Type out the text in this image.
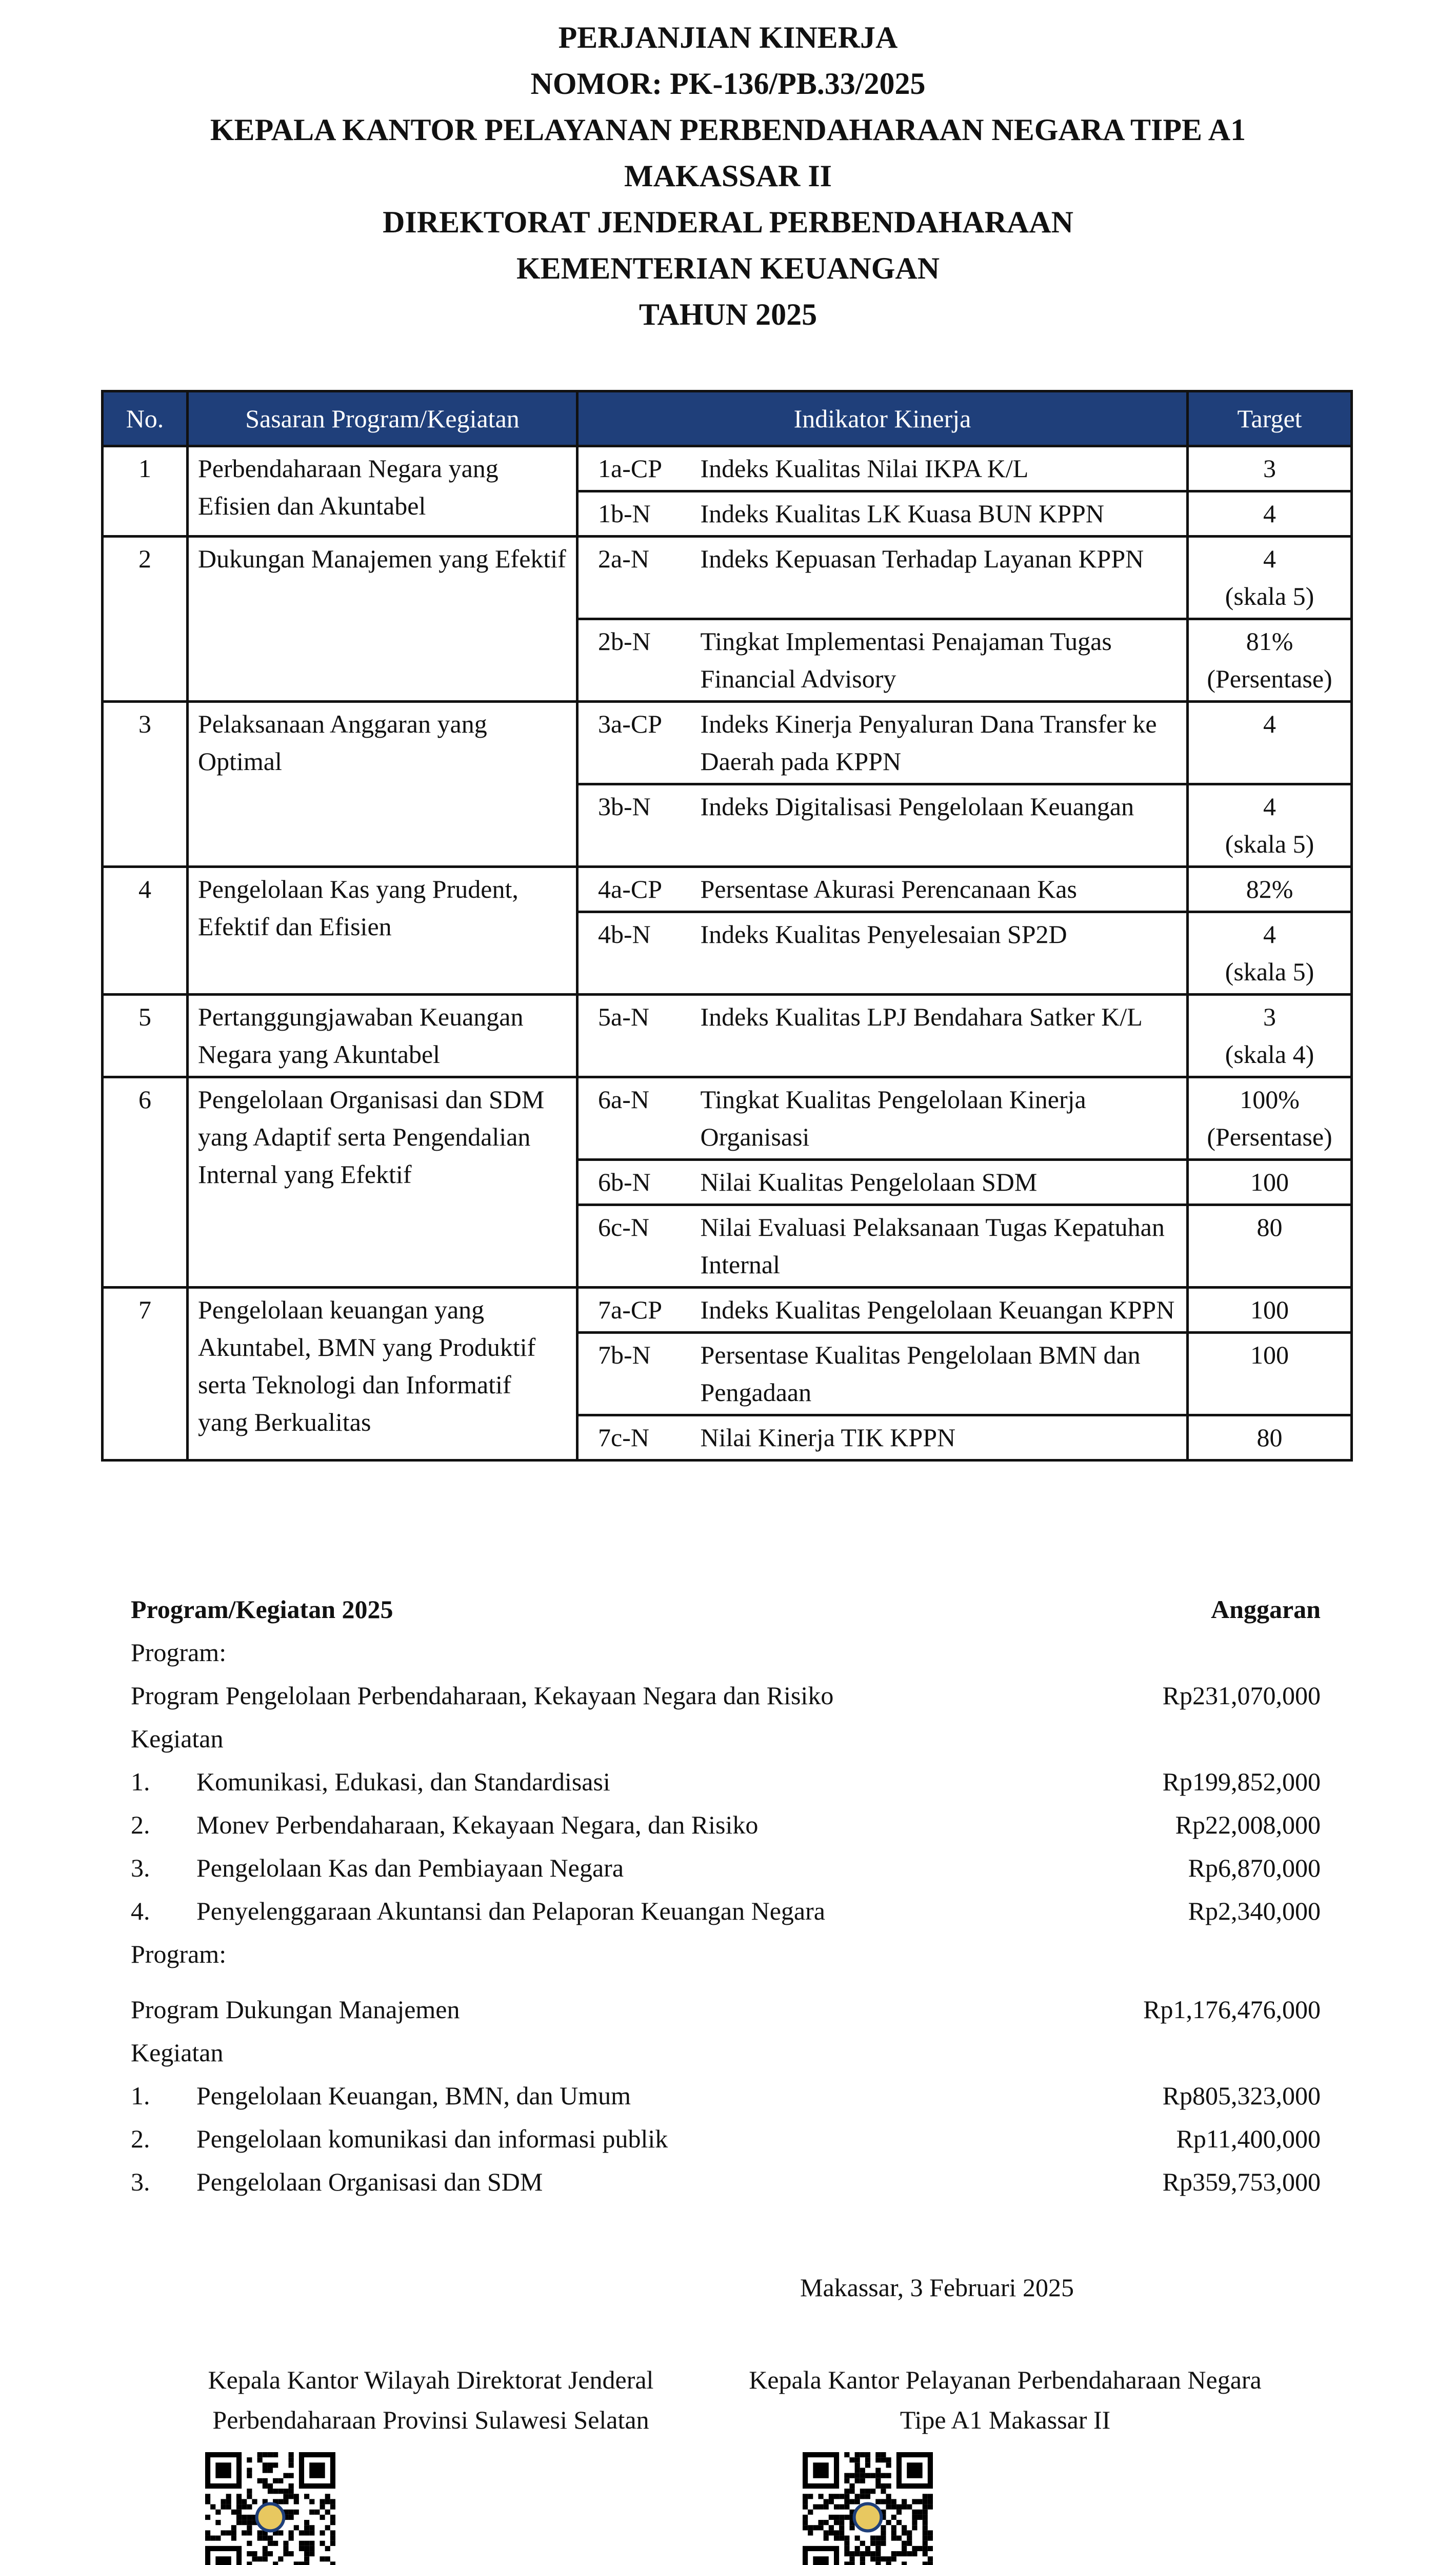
PERJANJIAN KINERJA
NOMOR: PK-136/PB.33/2025
KEPALA KANTOR PELAYANAN PERBENDAHARAAN NEGARA TIPE A1
MAKASSAR II
DIREKTORAT JENDERAL PERBENDAHARAAN
KEMENTERIAN KEUANGAN
TAHUN 2025
No.	Sasaran Program/Kegiatan	Indikator Kinerja		Target
1	Perbendaharaan Negara yang Efisien dan Akuntabel	1a-CP	Indeks Kualitas Nilai IKPA K/L	3
		1b-N	Indeks Kualitas LK Kuasa BUN KPPN	4
2	Dukungan Manajemen yang Efektif	2a-N	Indeks Kepuasan Terhadap Layanan KPPN	4
(skala 5)
		2b-N	Tingkat Implementasi Penajaman Tugas Financial Advisory	81%
(Persentase)
3	Pelaksanaan Anggaran yang Optimal	3a-CP	Indeks Kinerja Penyaluran Dana Transfer ke Daerah pada KPPN	4
		3b-N	Indeks Digitalisasi Pengelolaan Keuangan	4
(skala 5)
4	Pengelolaan Kas yang Prudent, Efektif dan Efisien	4a-CP	Persentase Akurasi Perencanaan Kas	82%
		4b-N	Indeks Kualitas Penyelesaian SP2D	4
(skala 5)
5	Pertanggungjawaban Keuangan Negara yang Akuntabel	5a-N	Indeks Kualitas LPJ Bendahara Satker K/L	3
(skala 4)
6	Pengelolaan Organisasi dan SDM yang Adaptif serta Pengendalian Internal yang Efektif	6a-N	Tingkat Kualitas Pengelolaan Kinerja Organisasi	100%
(Persentase)
		6b-N	Nilai Kualitas Pengelolaan SDM	100
		6c-N	Nilai Evaluasi Pelaksanaan Tugas Kepatuhan Internal	80
7	Pengelolaan keuangan yang Akuntabel, BMN yang Produktif serta Teknologi dan Informatif yang Berkualitas	7a-CP	Indeks Kualitas Pengelolaan Keuangan KPPN	100
		7b-N	Persentase Kualitas Pengelolaan BMN dan Pengadaan	100
		7c-N	Nilai Kinerja TIK KPPN	80
Program/Kegiatan 2025	Anggaran
Program:
Program Pengelolaan Perbendaharaan, Kekayaan Negara dan Risiko	Rp231,070,000
Kegiatan
1. Komunikasi, Edukasi, dan Standardisasi	Rp199,852,000
2. Monev Perbendaharaan, Kekayaan Negara, dan Risiko	Rp22,008,000
3. Pengelolaan Kas dan Pembiayaan Negara	Rp6,870,000
4. Penyelenggaraan Akuntansi dan Pelaporan Keuangan Negara	Rp2,340,000
Program:
Program Dukungan Manajemen	Rp1,176,476,000
Kegiatan
1. Pengelolaan Keuangan, BMN, dan Umum	Rp805,323,000
2. Pengelolaan komunikasi dan informasi publik	Rp11,400,000
3. Pengelolaan Organisasi dan SDM	Rp359,753,000
Makassar, 3 Februari 2025
Kepala Kantor Wilayah Direktorat Jenderal
Perbendaharaan Provinsi Sulawesi Selatan
Kepala Kantor Pelayanan Perbendaharaan Negara
Tipe A1 Makassar II
